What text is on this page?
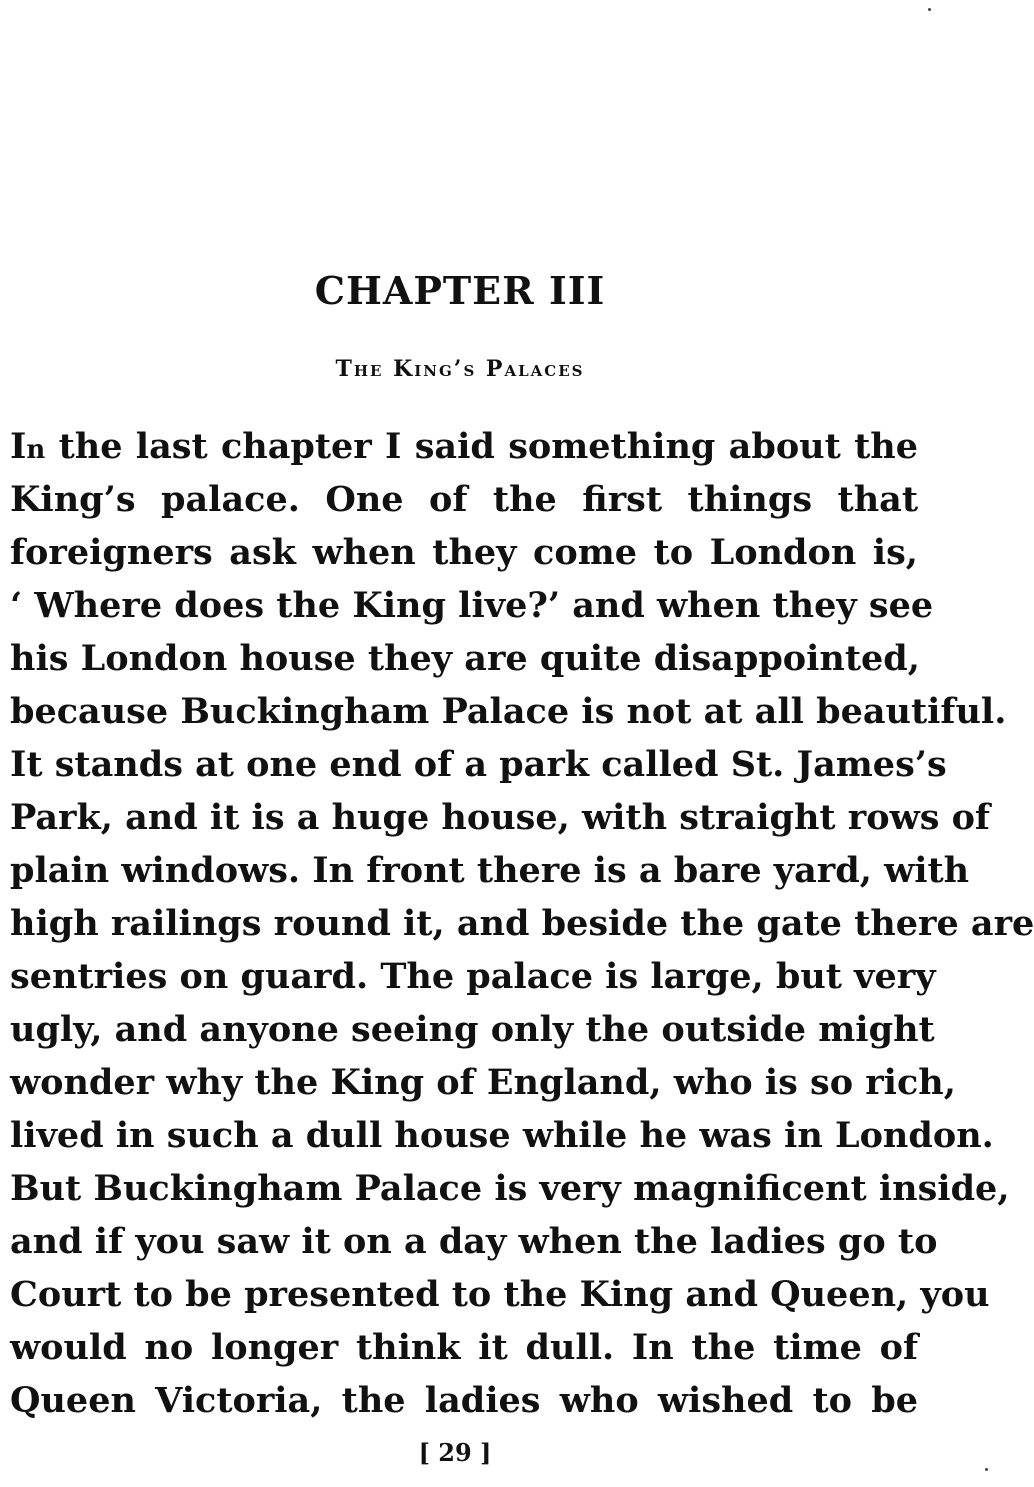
CHAPTER III
The King’s Palaces
In the last chapter I said something about the
King’s palace. One of the first things that
foreigners ask when they come to London is,
‘ Where does the King live?’ and when they see
his London house they are quite disappointed,
because Buckingham Palace is not at all beautiful.
It stands at one end of a park called St. James’s
Park, and it is a huge house, with straight rows of
plain windows. In front there is a bare yard, with
high railings round it, and beside the gate there are
sentries on guard. The palace is large, but very
ugly, and anyone seeing only the outside might
wonder why the King of England, who is so rich,
lived in such a dull house while he was in London.
But Buckingham Palace is very magnificent inside,
and if you saw it on a day when the ladies go to
Court to be presented to the King and Queen, you
would no longer think it dull. In the time of
Queen Victoria, the ladies who wished to be
[ 29 ]
